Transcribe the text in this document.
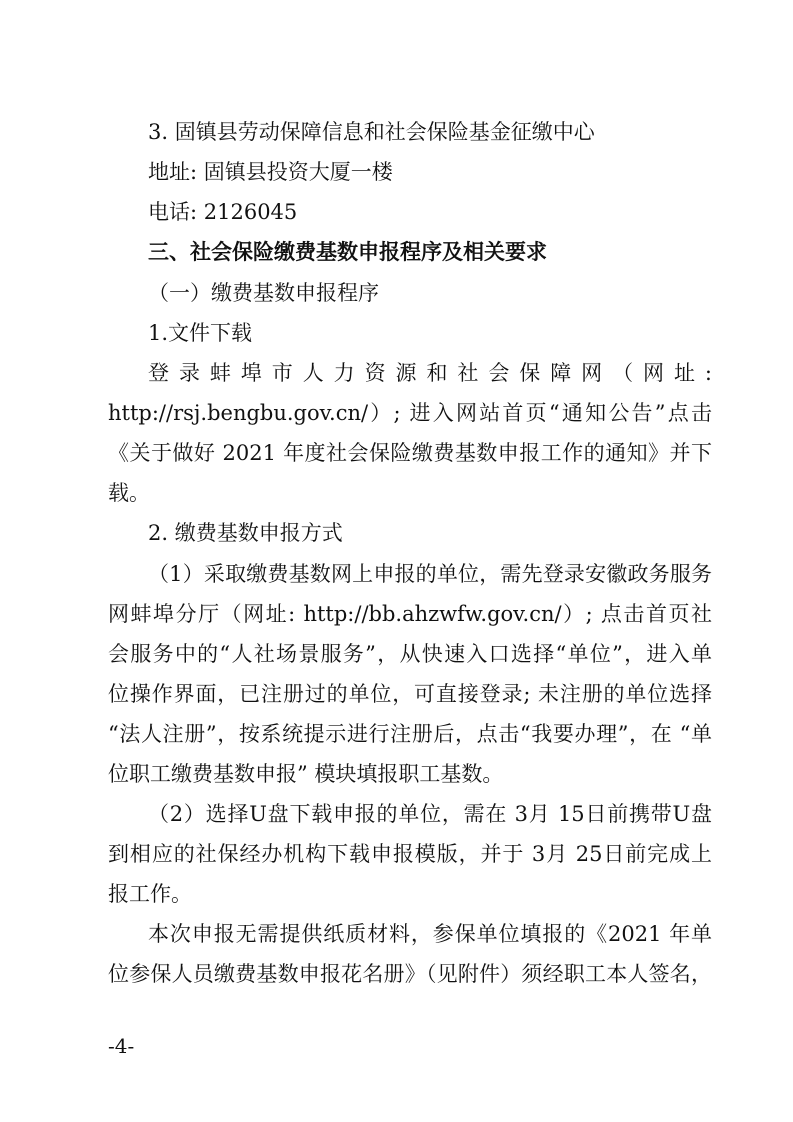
3. 固镇县劳动保障信息和社会保险基金征缴中心
地址: 固镇县投资大厦一楼
电话: 2126045
三、社会保险缴费基数申报程序及相关要求
（一）缴费基数申报程序
1.文件下载
登录蚌埠市人力资源和社会保障网（网址:
http://rsj.bengbu.gov.cn/）; 进入网站首页“通知公告”点击
《关于做好 2021 年度社会保险缴费基数申报工作的通知》并下
载。
2. 缴费基数申报方式
（1）采取缴费基数网上申报的单位，需先登录安徽政务服务
网蚌埠分厅（网址: http://bb.ahzwfw.gov.cn/）; 点击首页社
会服务中的“人社场景服务”，从快速入口选择“单位”，进入单
位操作界面，已注册过的单位，可直接登录; 未注册的单位选择
“法人注册”，按系统提示进行注册后，点击“我要办理”，在 “单
位职工缴费基数申报” 模块填报职工基数。
（2）选择U盘下载申报的单位，需在 3月 15日前携带U盘
到相应的社保经办机构下载申报模版，并于 3月 25日前完成上
报工作。
本次申报无需提供纸质材料，参保单位填报的《2021 年单
位参保人员缴费基数申报花名册》（见附件）须经职工本人签名，
-4-
